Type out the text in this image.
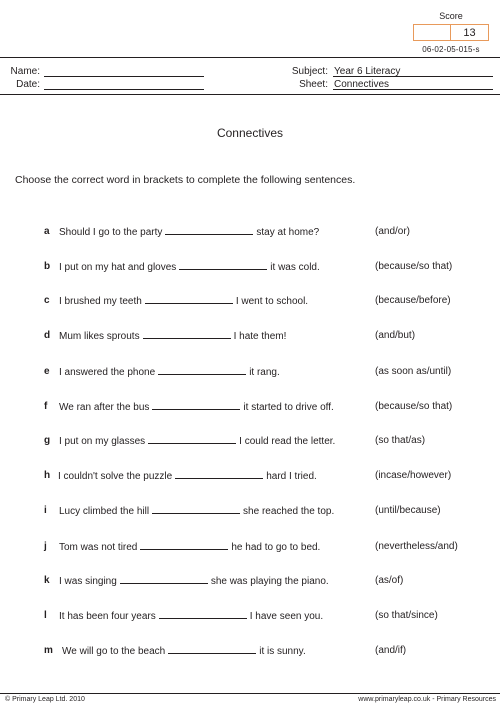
Score
13
06-02-05-015-s
Name:
Date:
Subject: Year 6 Literacy
Sheet: Connectives
Connectives
Choose the correct word in brackets to complete the following sentences.
a Should I go to the party	stay at home?	(and/or)
b I put on my hat and gloves	it was cold.	(because/so that)
c I brushed my teeth	I went to school.	(because/before)
d Mum likes sprouts	I hate them!	(and/but)
e I answered the phone	it rang.	(as soon as/until)
f	We ran after the bus	it started to drive off.	(because/so that)
g I put on my glasses	I could read the letter.	(so that/as)
h I couldn't solve the puzzle	hard I tried.	(incase/however)
i	Lucy climbed the hill	she reached the top.	(until/because)
j	Tom was not tired	he had to go to bed.	(nevertheless/and)
k I was singing	she was playing the piano.	(as/of)
l	It has been four years	I have seen you.	(so that/since)
m We will go to the beach	it is sunny.	(and/if)
© Primary Leap Ltd. 2010	www.primaryleap.co.uk - Primary Resources
